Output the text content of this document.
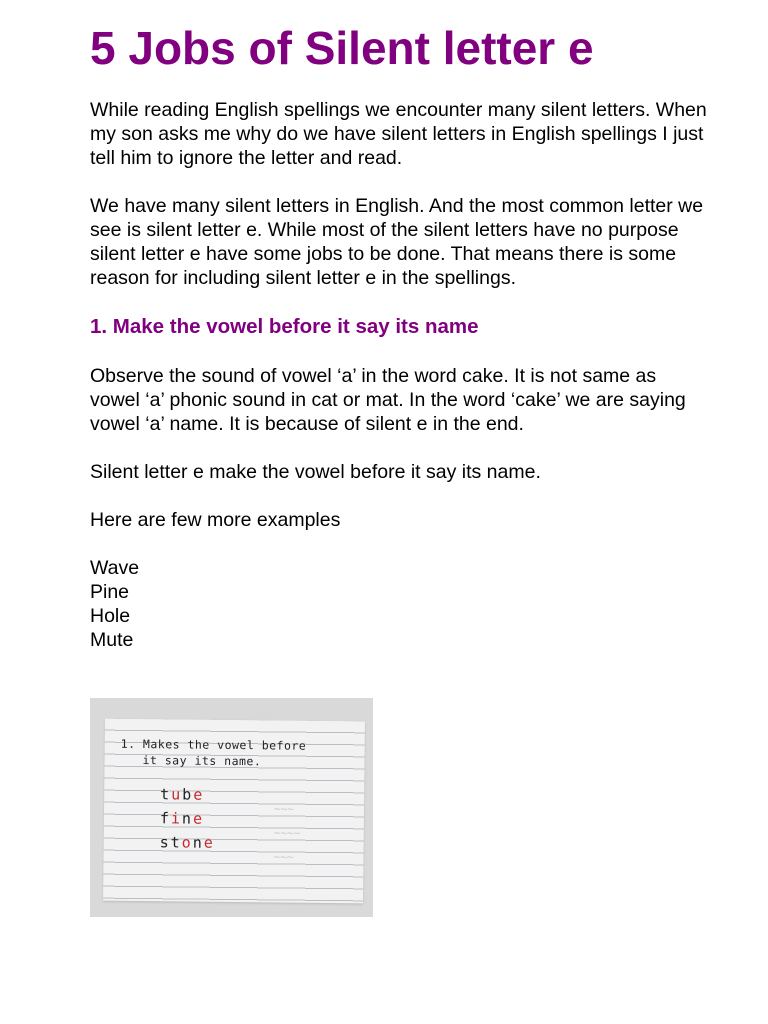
5 Jobs of Silent letter e

While reading English spellings we encounter many silent letters. When my son asks me why do we have silent letters in English spellings I just tell him to ignore the letter and read.

We have many silent letters in English. And the most common letter we see is silent letter e. While most of the silent letters have no purpose silent letter e have some jobs to be done. That means there is some reason for including silent letter e in the spellings.

1. Make the vowel before it say its name

Observe the sound of vowel ‘a’ in the word cake. It is not same as vowel ‘a’ phonic sound in cat or mat. In the word ‘cake’ we are saying vowel ‘a’ name. It is because of silent e in the end.

Silent letter e make the vowel before it say its name.

Here are few more examples

Wave
Pine
Hole
Mute
1. Makes the vowel before
it say its name.
tube
fine
stone
~~~
~~~~
~~~
